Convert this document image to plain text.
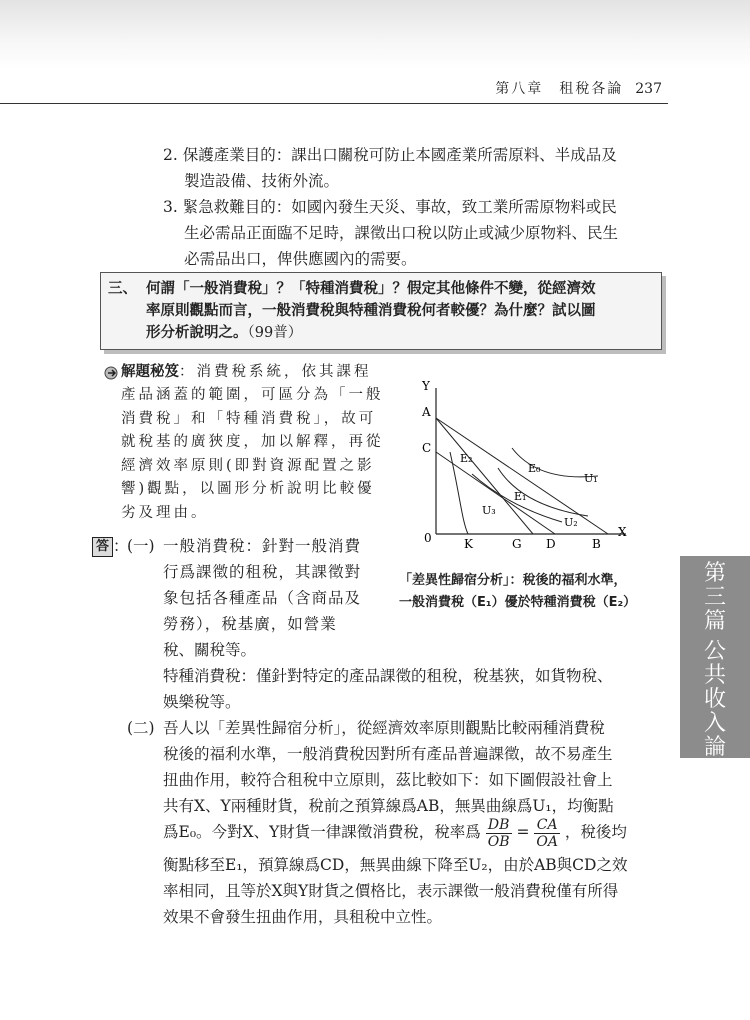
第八章　租稅各論 237
2. 保護產業目的：課出口關稅可防止本國產業所需原料、半成品及
製造設備、技術外流。
3. 緊急救難目的：如國內發生天災、事故，致工業所需原物料或民
生必需品正面臨不足時，課徵出口稅以防止或減少原物料、民生
必需品出口，俾供應國內的需要。
三、 何謂「一般消費稅」？「特種消費稅」？假定其他條件不變，從經濟效
率原則觀點而言，一般消費稅與特種消費稅何者較優？為什麼？試以圖
形分析說明之。（99普）
解題秘笈：消費稅系統，依其課程
產品涵蓋的範圍，可區分為「一般
消費稅」和「特種消費稅」，故可
就稅基的廣狹度，加以解釋，再從
經濟效率原則(即對資源配置之影
響)觀點，以圖形分析說明比較優
劣及理由。
Y
A
C
E₂
E₀
U₁
E₁
U₃
U₂
0	K	G D	B
X
「差異性歸宿分析」：稅後的福利水準，
一般消費稅（E₁）優於特種消費稅（E₂）
答 ：
(一) 一般消費稅：針對一般消費
行爲課徵的租稅，其課徵對
象包括各種產品（含商品及
勞務），稅基廣，如營業
稅、關稅等。
特種消費稅：僅針對特定的產品課徵的租稅，稅基狹，如貨物稅、
娛樂稅等。
(二) 吾人以「差異性歸宿分析」，從經濟效率原則觀點比較兩種消費稅
稅後的福利水準，一般消費稅因對所有產品普遍課徵，故不易產生
扭曲作用，較符合租稅中立原則，茲比較如下：如下圖假設社會上
共有X、Y兩種財貨，稅前之預算線爲AB，無異曲線爲U₁，均衡點
爲E₀。今對X、Y財貨一律課徵消費稅，稅率爲 $\frac{DB}{OB} = \frac{CA}{OA}$ ，稅後均
衡點移至E₁，預算線爲CD，無異曲線下降至U₂，由於AB與CD之效
率相同，且等於X與Y財貨之價格比，表示課徵一般消費稅僅有所得
效果不會發生扭曲作用，具租稅中立性。
第
三
篇
公
共
收
入
論
